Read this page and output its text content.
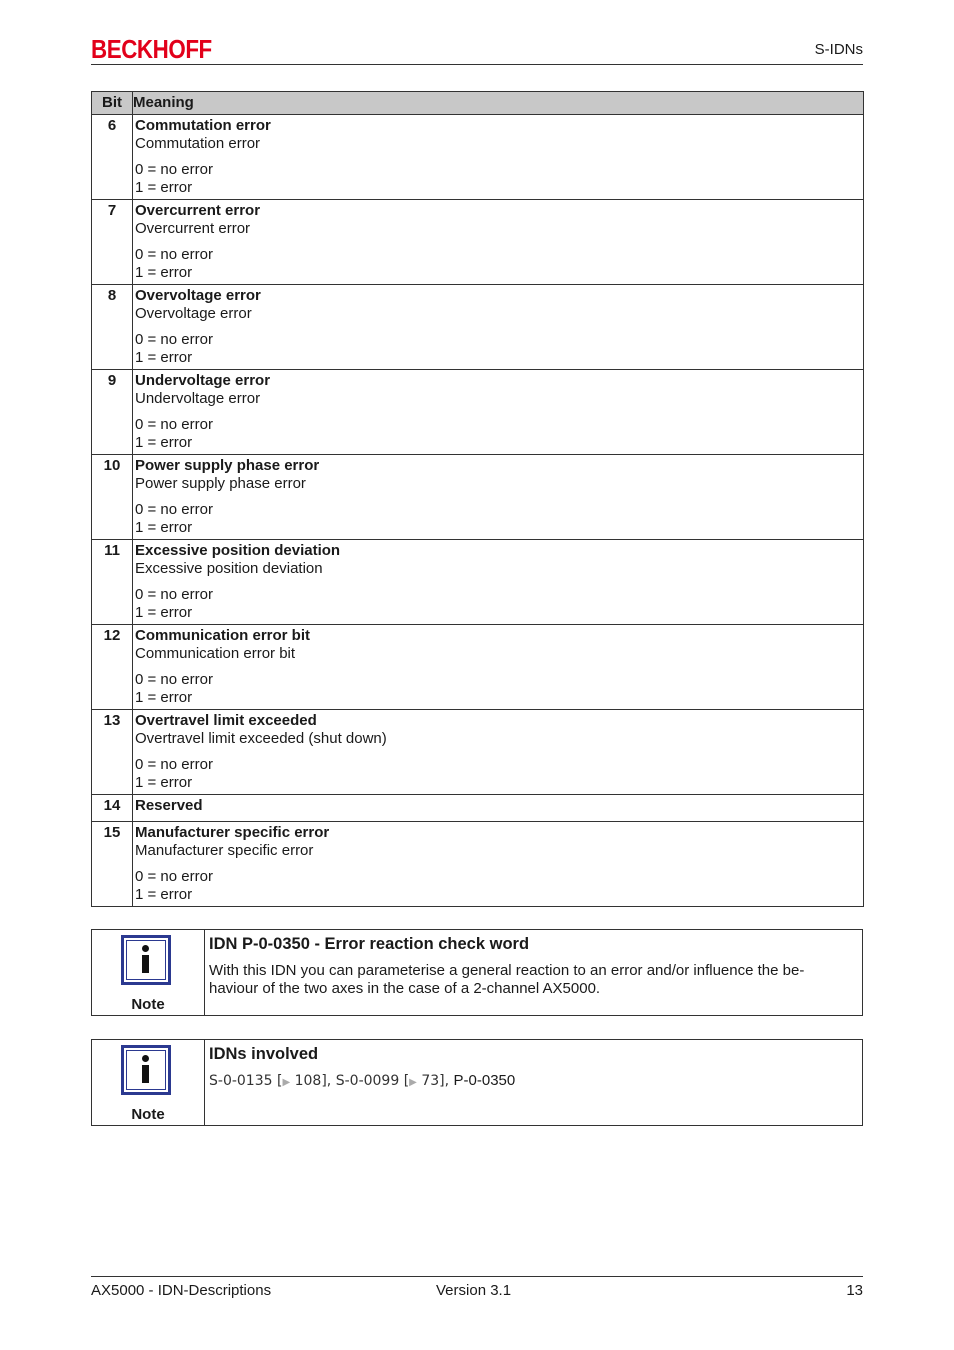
BECKHOFF	S-IDNs
Bit	Meaning
6	Commutation error
Commutation error
0 = no error
1 = error

7	Overcurrent error
Overcurrent error
0 = no error
1 = error

8	Overvoltage error
Overvoltage error
0 = no error
1 = error

9	Undervoltage error
Undervoltage error
0 = no error
1 = error

10	Power supply phase error
Power supply phase error
0 = no error
1 = error

11	Excessive position deviation
Excessive position deviation
0 = no error
1 = error

12	Communication error bit
Communication error bit
0 = no error
1 = error

13	Overtravel limit exceeded
Overtravel limit exceeded (shut down)
0 = no error
1 = error

14	Reserved

15	Manufacturer specific error
Manufacturer specific error
0 = no error
1 = error
Note
IDN P-0-0350 - Error reaction check word
With this IDN you can parameterise a general reaction to an error and/or influence the be-
haviour of the two axes in the case of a 2-channel AX5000.
Note
IDNs involved
S-0-0135 [▶ 108], S-0-0099 [▶ 73], P-0-0350
AX5000 - IDN-Descriptions	Version 3.1	13
